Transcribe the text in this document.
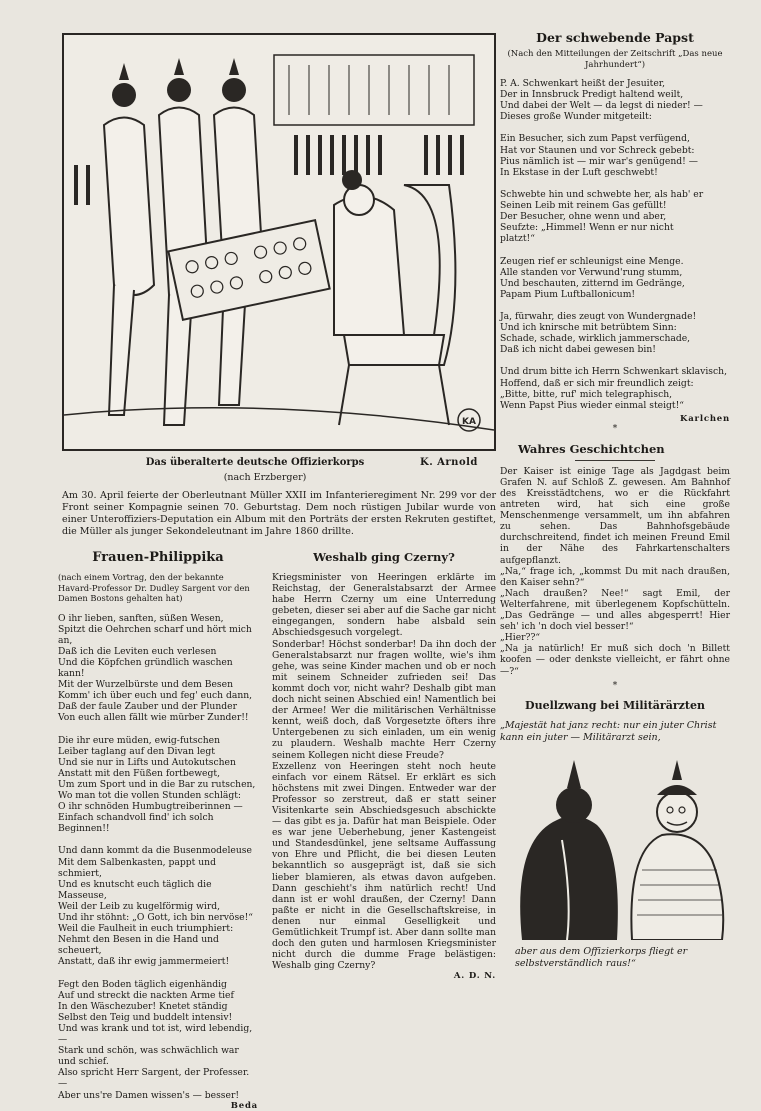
KA
Das überalterte deutsche Offizierkorps	K. Arnold
(nach Erzberger)
Am 30. April feierte der Oberleutnant Müller XXII im Infanterieregiment Nr. 299 vor der Front seiner Kompagnie seinen 70. Geburtstag. Dem noch rüstigen Jubilar wurde von einer Unteroffiziers-Deputation ein Album mit den Porträts der ersten Rekruten gestiftet, die Müller als junger Sekondeleutnant im Jahre 1860 drillte.
Der schwebende Papst
(Nach den Mitteilungen der Zeitschrift „Das neue Jahrhundert“)
P. A. Schwenkart heißt der Jesuiter,
Der in Innsbruck Predigt haltend weilt,
Und dabei der Welt — da legst di nieder! —
Dieses große Wunder mitgeteilt:

Ein Besucher, sich zum Papst verfügend,
Hat vor Staunen und vor Schreck gebebt:
Pius nämlich ist — mir war's genügend! —
In Ekstase in der Luft geschwebt!

Schwebte hin und schwebte her, als hab' er
Seinen Leib mit reinem Gas gefüllt!
Der Besucher, ohne wenn und aber,
Seufzte: „Himmel! Wenn er nur nicht
platzt!“

Zeugen rief er schleunigst eine Menge.
Alle standen vor Verwund'rung stumm,
Und beschauten, zitternd im Gedränge,
Papam Pium Luftballonicum!

Ja, fürwahr, dies zeugt von Wundergnade!
Und ich knirsche mit betrübtem Sinn:
Schade, schade, wirklich jammerschade,
Daß ich nicht dabei gewesen bin!

Und drum bitte ich Herrn Schwenkart sklavisch,
Hoffend, daß er sich mir freundlich zeigt:
„Bitte, bitte, ruf' mich telegraphisch,
Wenn Papst Pius wieder einmal steigt!“
Karlchen
*
Wahres Geschichtchen
Der Kaiser ist einige Tage als Jagdgast beim Grafen N. auf Schloß Z. gewesen. Am Bahnhof des Kreisstädtchens, wo er die Rückfahrt antreten wird, hat sich eine große Menschenmenge versammelt, um ihn abfahren zu sehen. Das Bahnhofsgebäude durchschreitend, findet ich meinen Freund Emil in der Nähe des Fahrkartenschalters aufgepflanzt.
„Na,“ frage ich, „kommst Du mit nach draußen, den Kaiser sehn?“
„Nach draußen? Nee!“ sagt Emil, der Welterfahrene, mit überlegenem Kopfschütteln. „Das Gedränge — und alles abgesperrt! Hier seh' ich 'n doch viel besser!“
„Hier??“
„Na ja natürlich! Er muß sich doch 'n Billett koofen — oder denkste vielleicht, er fährt ohne —?“
*
Duellzwang bei Militärärzten
„Majestät hat janz recht: nur ein juter Christ kann ein juter — Militärarzt sein,
aber aus dem Offizierkorps fliegt er selbstverständlich raus!“
Frauen-Philippika
(nach einem Vortrag, den der bekannte Havard-Professor Dr. Dudley Sargent vor den Damen Bostons gehalten hat)
O ihr lieben, sanften, süßen Wesen,
Spitzt die Oehrchen scharf und hört mich an,
Daß ich die Leviten euch verlesen
Und die Köpfchen gründlich waschen kann!
Mit der Wurzelbürste und dem Besen
Komm' ich über euch und feg' euch dann,
Daß der faule Zauber und der Plunder
Von euch allen fällt wie mürber Zunder!!

Die ihr eure müden, ewig-futschen
Leiber taglang auf den Divan legt
Und sie nur in Lifts und Autokutschen
Anstatt mit den Füßen fortbewegt,
Um zum Sport und in die Bar zu rutschen,
Wo man tot die vollen Stunden schlägt:
O ihr schnöden Humbugtreiberinnen —
Einfach schandvoll find' ich solch Beginnen!!

Und dann kommt da die Busenmodeleuse
Mit dem Salbenkasten, pappt und schmiert,
Und es knutscht euch täglich die Masseuse,
Weil der Leib zu kugelförmig wird,
Und ihr stöhnt: „O Gott, ich bin nervöse!“
Weil die Faulheit in euch triumphiert:
Nehmt den Besen in die Hand und scheuert,
Anstatt, daß ihr ewig jammermeiert!

Fegt den Boden täglich eigenhändig
Auf und streckt die nackten Arme tief
In den Wäschezuber! Knetet ständig
Selbst den Teig und buddelt intensiv!
Und was krank und tot ist, wird lebendig, —
Stark und schön, was schwächlich war und schief.
Also spricht Herr Sargent, der Professer. —
Aber uns're Damen wissen's — besser!
Beda
Weshalb ging Czerny?
Kriegsminister von Heeringen erklärte im Reichstag, der Generalstabsarzt der Armee habe Herrn Czerny um eine Unterredung gebeten, dieser sei aber auf die Sache gar nicht eingegangen, sondern habe alsbald sein Abschiedsgesuch vorgelegt.
Sonderbar! Höchst sonderbar! Da ihn doch der Generalstabsarzt nur fragen wollte, wie's ihm gehe, was seine Kinder machen und ob er noch mit seinem Schneider zufrieden sei! Das kommt doch vor, nicht wahr? Deshalb gibt man doch nicht seinen Abschied ein! Namentlich bei der Armee! Wer die militärischen Verhältnisse kennt, weiß doch, daß Vorgesetzte öfters ihre Untergebenen zu sich einladen, um ein wenig zu plaudern. Weshalb machte Herr Czerny seinem Kollegen nicht diese Freude?
Exzellenz von Heeringen steht noch heute einfach vor einem Rätsel. Er erklärt es sich höchstens mit zwei Dingen. Entweder war der Professor so zerstreut, daß er statt seiner Visitenkarte sein Abschiedsgesuch abschickte — das gibt es ja. Dafür hat man Beispiele. Oder es war jene Ueberhebung, jener Kastengeist und Standesdünkel, jene seltsame Auffassung von Ehre und Pflicht, die bei diesen Leuten bekanntlich so ausgeprägt ist, daß sie sich lieber blamieren, als etwas davon aufgeben. Dann geschieht's ihm natürlich recht! Und dann ist er wohl draußen, der Czerny! Dann paßte er nicht in die Gesellschaftskreise, in denen nur einmal Geselligkeit und Gemütlichkeit Trumpf ist. Aber dann sollte man doch den guten und harmlosen Kriegsminister nicht durch die dumme Frage belästigen: Weshalb ging Czerny?
A. D. N.
